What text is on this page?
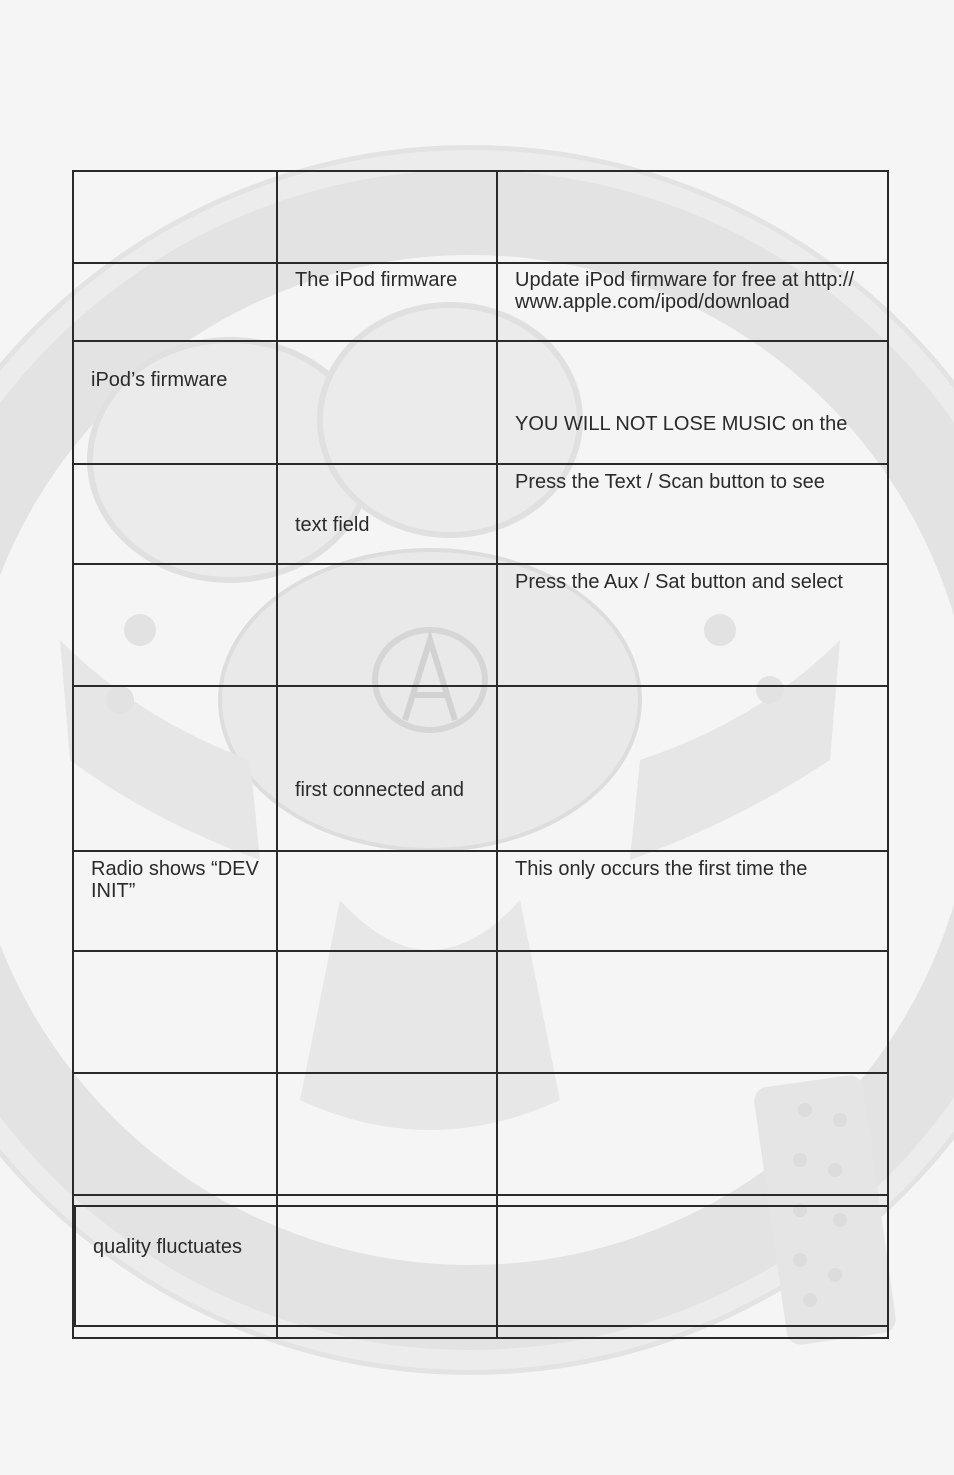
The iPod firmware	Update iPod firmware for free at http://
www.apple.com/ipod/download
iPod’s firmware
YOU WILL NOT LOSE MUSIC on the
text field
Press the Text / Scan button to see
Press the Aux / Sat button and select
first connected and
Radio shows “DEV
INIT”
This only occurs the first time the
quality fluctuates
